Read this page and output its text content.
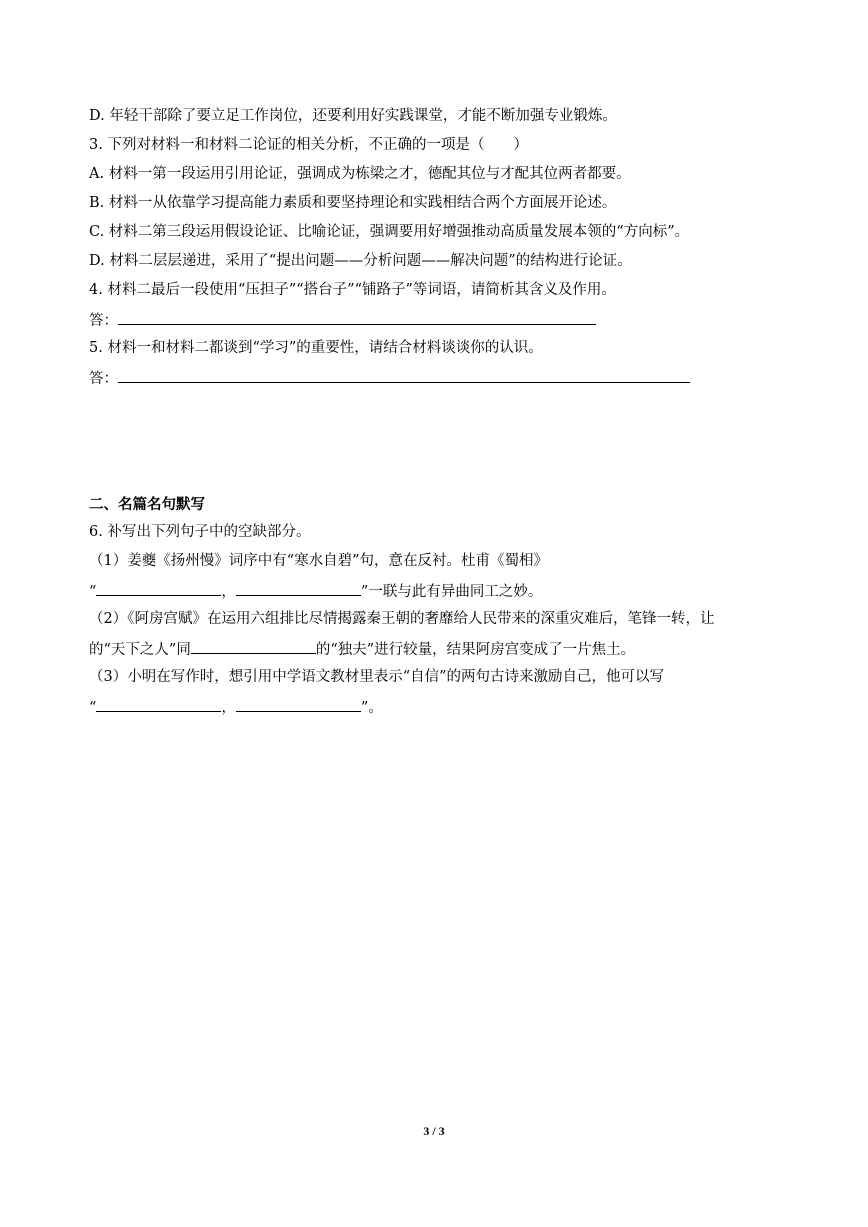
D. 年轻干部除了要立足工作岗位，还要利用好实践课堂，才能不断加强专业锻炼。
3. 下列对材料一和材料二论证的相关分析，不正确的一项是（　　）
A. 材料一第一段运用引用论证，强调成为栋梁之才，德配其位与才配其位两者都要。
B. 材料一从依靠学习提高能力素质和要坚持理论和实践相结合两个方面展开论述。
C. 材料二第三段运用假设论证、比喻论证，强调要用好增强推动高质量发展本领的“方向标”。
D. 材料二层层递进，采用了“提出问题——分析问题——解决问题”的结构进行论证。
4. 材料二最后一段使用“压担子”“搭台子”“铺路子”等词语，请简析其含义及作用。
答：
5. 材料一和材料二都谈到“学习”的重要性，请结合材料谈谈你的认识。
答：
二、名篇名句默写
6. 补写出下列句子中的空缺部分。
（1）姜夔《扬州慢》词序中有“寒水自碧”句，意在反衬。杜甫《蜀相》
“	，	”一联与此有异曲同工之妙。
（2）《阿房宫赋》在运用六组排比尽情揭露秦王朝的奢靡给人民带来的深重灾难后，笔锋一转，让
的“天下之人”同	的“独夫”进行较量，结果阿房宫变成了一片焦土。
（3）小明在写作时，想引用中学语文教材里表示“自信”的两句古诗来激励自己，他可以写
“	，	”。
3 / 3
